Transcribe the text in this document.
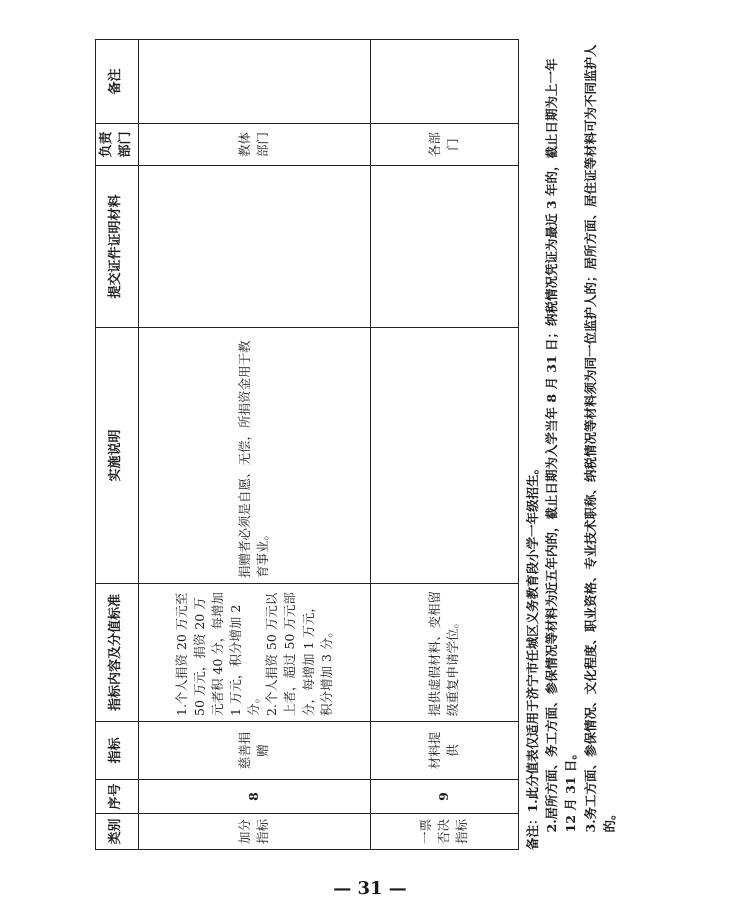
类别	序号	指标	指标内容及分值标准	实施说明	提交证件证明材料	负责部门	备注
加分指标	8	慈善捐赠	1.个人捐资 20 万元至 50 万元，捐资 20 万元者积 40 分，每增加 1 万元，积分增加 2 分。 2.个人捐资 50 万元以上者，超过 50 万元部分，每增加 1 万元，积分增加 3 分。	捐赠者必须是自愿、无偿，所捐资金用于教育事业。		教体部门	
一票否决指标	9	材料提供	提供虚假材料、变相留级重复申请学位。			各部门	

备注：1.此分值表仅适用于济宁市任城区义务教育段小学一年级招生。 2.居所方面、务工方面、参保情况等材料为近五年内的，截止日期为入学当年 8 月 31 日；纳税情况凭证为最近 3 年的，截止日期为上一年 12 月 31 日。 3.务工方面、参保情况、文化程度、职业资格、专业技术职称、纳税情况等材料须为同一位监护人的；居所方面、居住证等材料可为不同监护人的。

— 31 —
